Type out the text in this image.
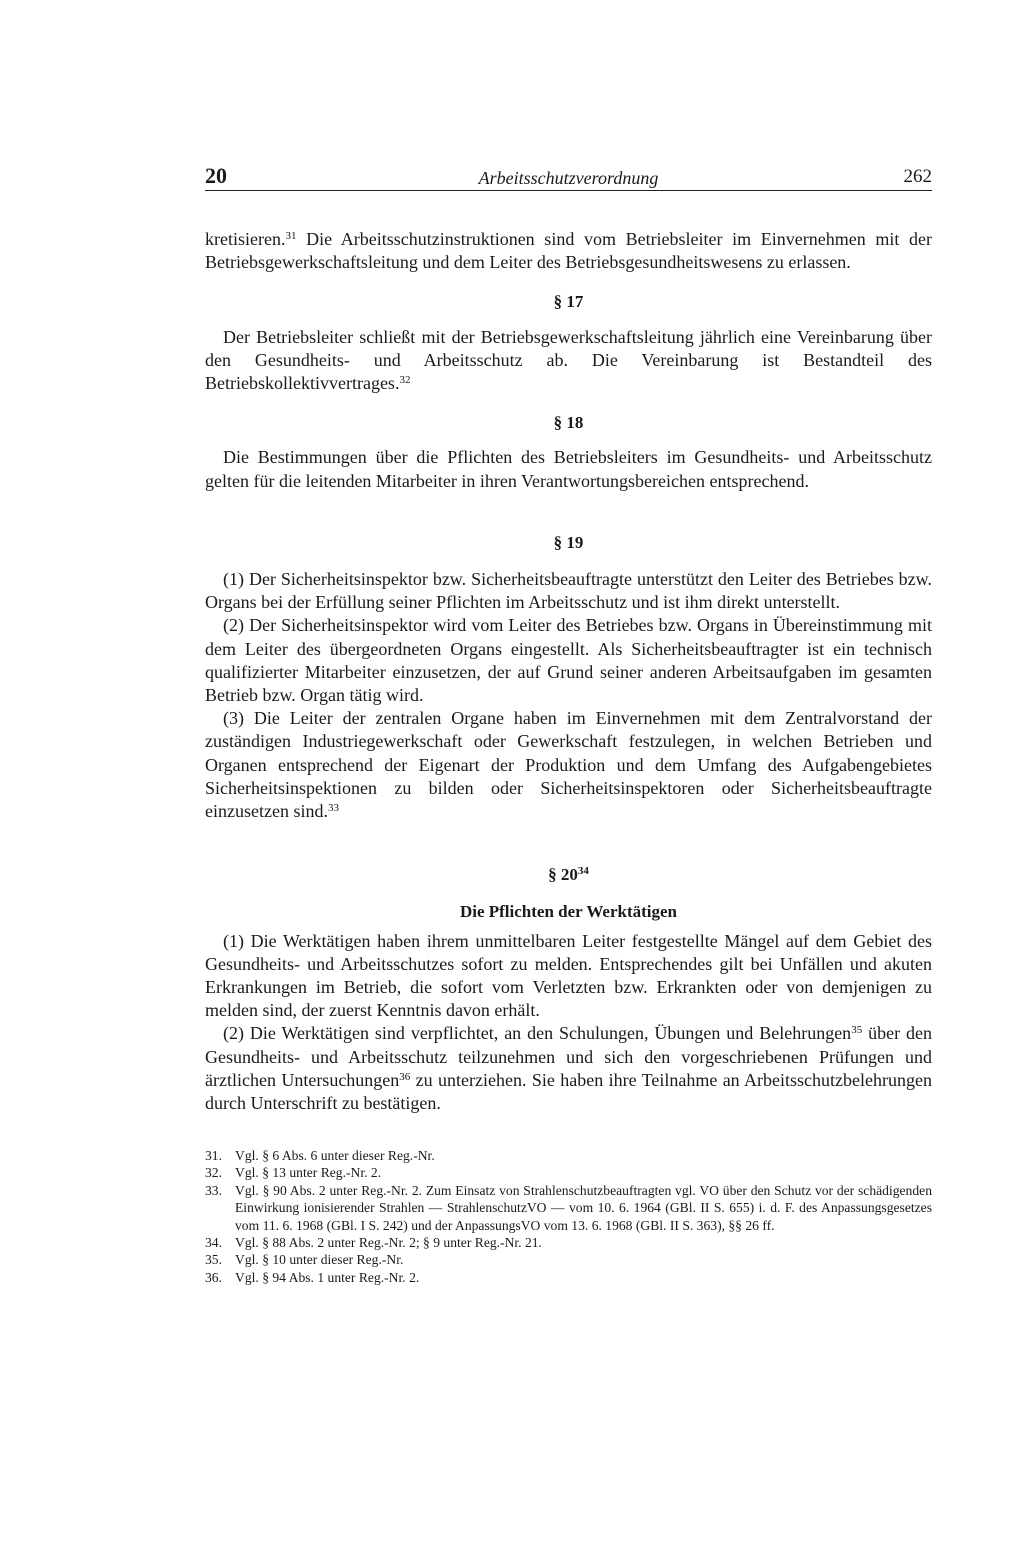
20	Arbeitsschutzverordnung	262

kretisieren.$^{31}$ Die Arbeitsschutzinstruktionen sind vom Betriebsleiter im Einvernehmen mit der Betriebsgewerkschaftsleitung und dem Leiter des Betriebsgesundheitswesens zu erlassen.

§ 17

Der Betriebsleiter schließt mit der Betriebsgewerkschaftsleitung jährlich eine Vereinbarung über den Gesundheits- und Arbeitsschutz ab. Die Vereinbarung ist Bestandteil des Betriebskollektivvertrages.$^{32}$

§ 18

Die Bestimmungen über die Pflichten des Betriebsleiters im Gesundheits- und Arbeitsschutz gelten für die leitenden Mitarbeiter in ihren Verantwortungsbereichen entsprechend.

§ 19

(1) Der Sicherheitsinspektor bzw. Sicherheitsbeauftragte unterstützt den Leiter des Betriebes bzw. Organs bei der Erfüllung seiner Pflichten im Arbeitsschutz und ist ihm direkt unterstellt.

(2) Der Sicherheitsinspektor wird vom Leiter des Betriebes bzw. Organs in Übereinstimmung mit dem Leiter des übergeordneten Organs eingestellt. Als Sicherheitsbeauftragter ist ein technisch qualifizierter Mitarbeiter einzusetzen, der auf Grund seiner anderen Arbeitsaufgaben im gesamten Betrieb bzw. Organ tätig wird.

(3) Die Leiter der zentralen Organe haben im Einvernehmen mit dem Zentralvorstand der zuständigen Industriegewerkschaft oder Gewerkschaft festzulegen, in welchen Betrieben und Organen entsprechend der Eigenart der Produktion und dem Umfang des Aufgabengebietes Sicherheitsinspektionen zu bilden oder Sicherheitsinspektoren oder Sicherheitsbeauftragte einzusetzen sind.$^{33}$

§ $20^{34}$
Die Pflichten der Werktätigen

(1) Die Werktätigen haben ihrem unmittelbaren Leiter festgestellte Mängel auf dem Gebiet des Gesundheits- und Arbeitsschutzes sofort zu melden. Entsprechendes gilt bei Unfällen und akuten Erkrankungen im Betrieb, die sofort vom Verletzten bzw. Erkrankten oder von demjenigen zu melden sind, der zuerst Kenntnis davon erhält.

(2) Die Werktätigen sind verpflichtet, an den Schulungen, Übungen und Belehrungen$^{35}$ über den Gesundheits- und Arbeitsschutz teilzunehmen und sich den vorgeschriebenen Prüfungen und ärztlichen Untersuchungen$^{36}$ zu unterziehen. Sie haben ihre Teilnahme an Arbeitsschutzbelehrungen durch Unterschrift zu bestätigen.

31. Vgl. § 6 Abs. 6 unter dieser Reg.-Nr.
32. Vgl. § 13 unter Reg.-Nr. 2.
33. Vgl. § 90 Abs. 2 unter Reg.-Nr. 2. Zum Einsatz von Strahlenschutzbeauftragten vgl. VO über den Schutz vor der schädigenden Einwirkung ionisierender Strahlen — StrahlenschutzVO — vom 10. 6. 1964 (GBl. II S. 655) i. d. F. des Anpassungsgesetzes vom 11. 6. 1968 (GBl. I S. 242) und der AnpassungsVO vom 13. 6. 1968 (GBl. II S. 363), §§ 26 ff.
34. Vgl. § 88 Abs. 2 unter Reg.-Nr. 2; § 9 unter Reg.-Nr. 21.
35. Vgl. § 10 unter dieser Reg.-Nr.
36. Vgl. § 94 Abs. 1 unter Reg.-Nr. 2.
